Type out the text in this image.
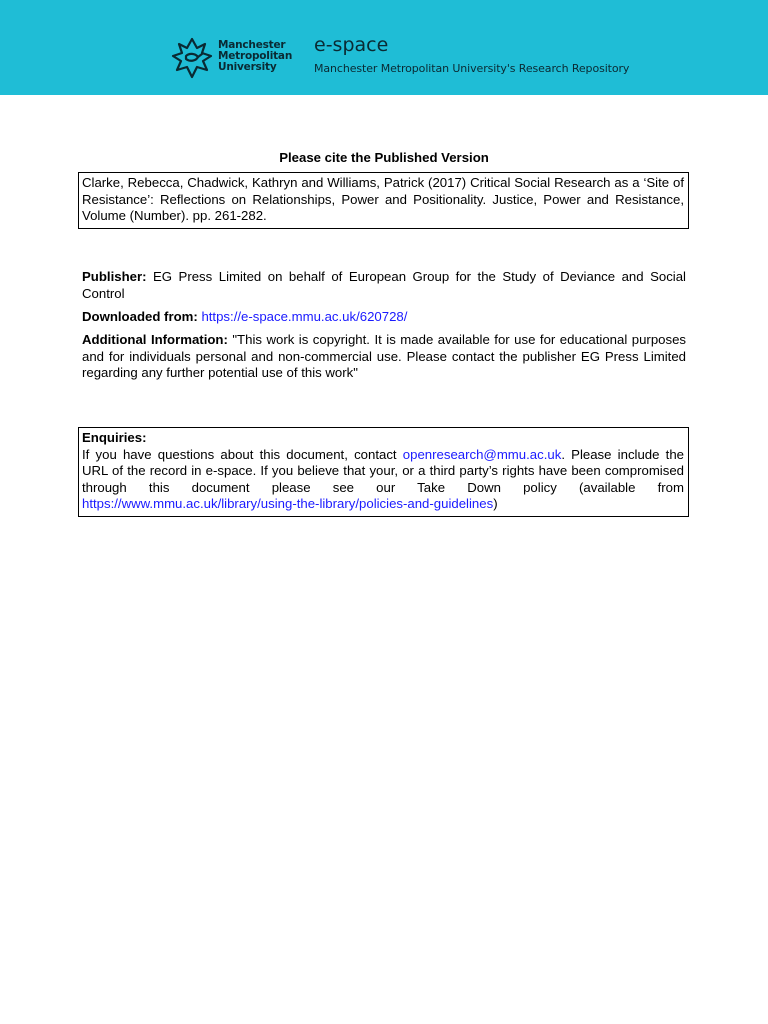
Manchester
Metropolitan
University
e-space
Manchester Metropolitan University's Research Repository
Please cite the Published Version
Clarke, Rebecca, Chadwick, Kathryn and Williams, Patrick (2017) Critical Social Research as a ‘Site of Resistance’: Reflections on Relationships, Power and Positionality. Justice, Power and Resistance, Volume (Number). pp. 261-282.
Publisher: EG Press Limited on behalf of European Group for the Study of Deviance and Social Control
Downloaded from: https://e-space.mmu.ac.uk/620728/
Additional Information: "This work is copyright. It is made available for use for educational purposes and for individuals personal and non-commercial use. Please contact the publisher EG Press Limited regarding any further potential use of this work"
Enquiries:
If you have questions about this document, contact openresearch@mmu.ac.uk. Please include the URL of the record in e-space. If you believe that your, or a third party’s rights have been compromised through this document please see our Take Down policy (available from https://www.mmu.ac.uk/library/using-the-library/policies-and-guidelines)
